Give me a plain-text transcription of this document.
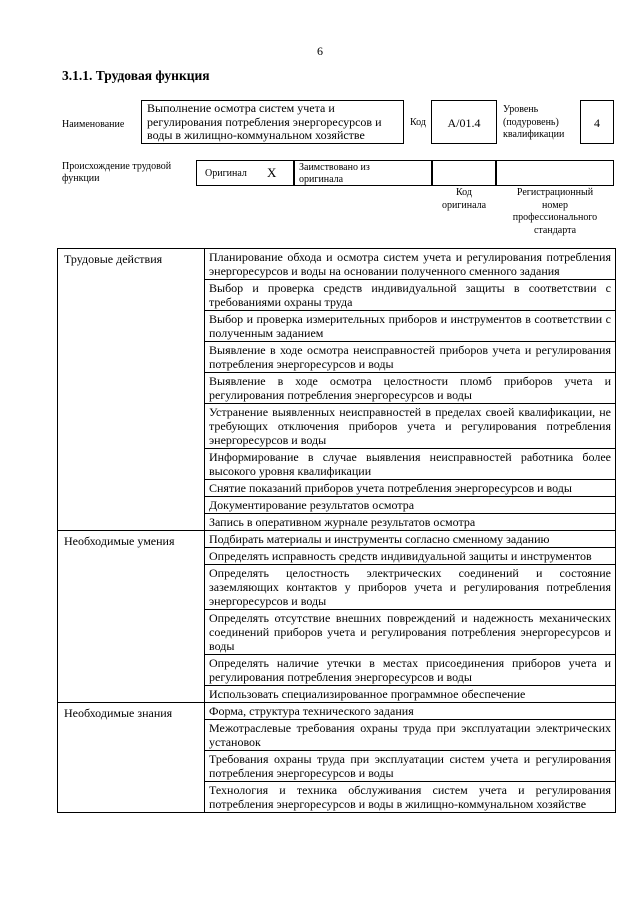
6
3.1.1. Трудовая функция
Наименование
Выполнение осмотра систем учета и регулирования потребления энергоресурсов и воды в жилищно-коммунальном хозяйстве
Код	A/01.4
Уровень (подуровень) квалификации
4
Происхождение трудовой функции	Оригинал X Заимствовано из оригинала
Код оригинала
Регистрационный номер профессионального стандарта
Трудовые действия	Планирование обхода и осмотра систем учета и регулирования потребления энергоресурсов и воды на основании полученного сменного задания
	Выбор и проверка средств индивидуальной защиты в соответствии с требованиями охраны труда
	Выбор и проверка измерительных приборов и инструментов в соответствии с полученным заданием
	Выявление в ходе осмотра неисправностей приборов учета и регулирования потребления энергоресурсов и воды
	Выявление в ходе осмотра целостности пломб приборов учета и регулирования потребления энергоресурсов и воды
	Устранение выявленных неисправностей в пределах своей квалификации, не требующих отключения приборов учета и регулирования потребления энергоресурсов и воды
	Информирование в случае выявления неисправностей работника более высокого уровня квалификации
	Снятие показаний приборов учета потребления энергоресурсов и воды
	Документирование результатов осмотра
	Запись в оперативном журнале результатов осмотра
Необходимые умения	Подбирать материалы и инструменты согласно сменному заданию
	Определять исправность средств индивидуальной защиты и инструментов
	Определять целостность электрических соединений и состояние заземляющих контактов у приборов учета и регулирования потребления энергоресурсов и воды
	Определять отсутствие внешних повреждений и надежность механических соединений приборов учета и регулирования потребления энергоресурсов и воды
	Определять наличие утечки в местах присоединения приборов учета и регулирования потребления энергоресурсов и воды
	Использовать специализированное программное обеспечение
Необходимые знания	Форма, структура технического задания
	Межотраслевые требования охраны труда при эксплуатации электрических установок
	Требования охраны труда при эксплуатации систем учета и регулирования потребления энергоресурсов и воды
	Технология и техника обслуживания систем учета и регулирования потребления энергоресурсов и воды в жилищно-коммунальном хозяйстве
